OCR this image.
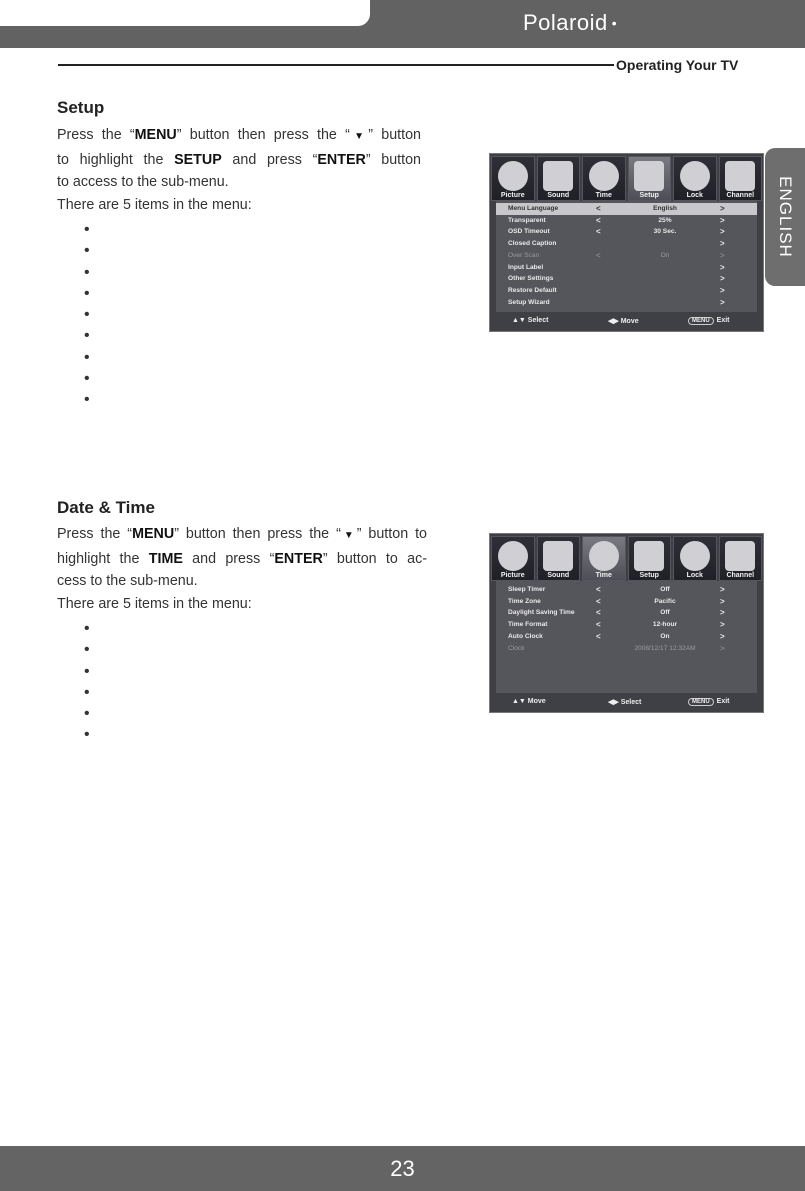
Polaroid •
Operating Your TV
ENGLISH
Setup
Press the “MENU” button then press the “▼” button
to highlight the SETUP and press “ENTER” button
to access to the sub-menu.
There are 5 items in the menu:
•
•
•
•
•
•
•
•
•
Picture	Sound	Time	Setup	Lock	Channel
Menu Language	<	English	>
Transparent	<	25%	>
OSD Timeout	<	30 Sec.	>
Closed Caption	>
Over Scan	<	On	>
Input Label	>
Other Settings	>
Restore Default	>
Setup Wizard	>
▲▼ Select	◀▶ Move	MENU Exit
Date & Time
Press the “MENU” button then press the “▼” button to
highlight the TIME and press “ENTER” button to ac-
cess to the sub-menu.
There are 5 items in the menu:
•
•
•
•
•
•
Picture	Sound	Time	Setup	Lock	Channel
Sleep Timer	<	Off	>
Time Zone	<	Pacific	>
Daylight Saving Time	<	Off	>
Time Format	<	12-hour	>
Auto Clock	<	On	>
Clock	2008/12/17 12:32AM	>
▲▼ Move	◀▶ Select	MENU Exit
23
